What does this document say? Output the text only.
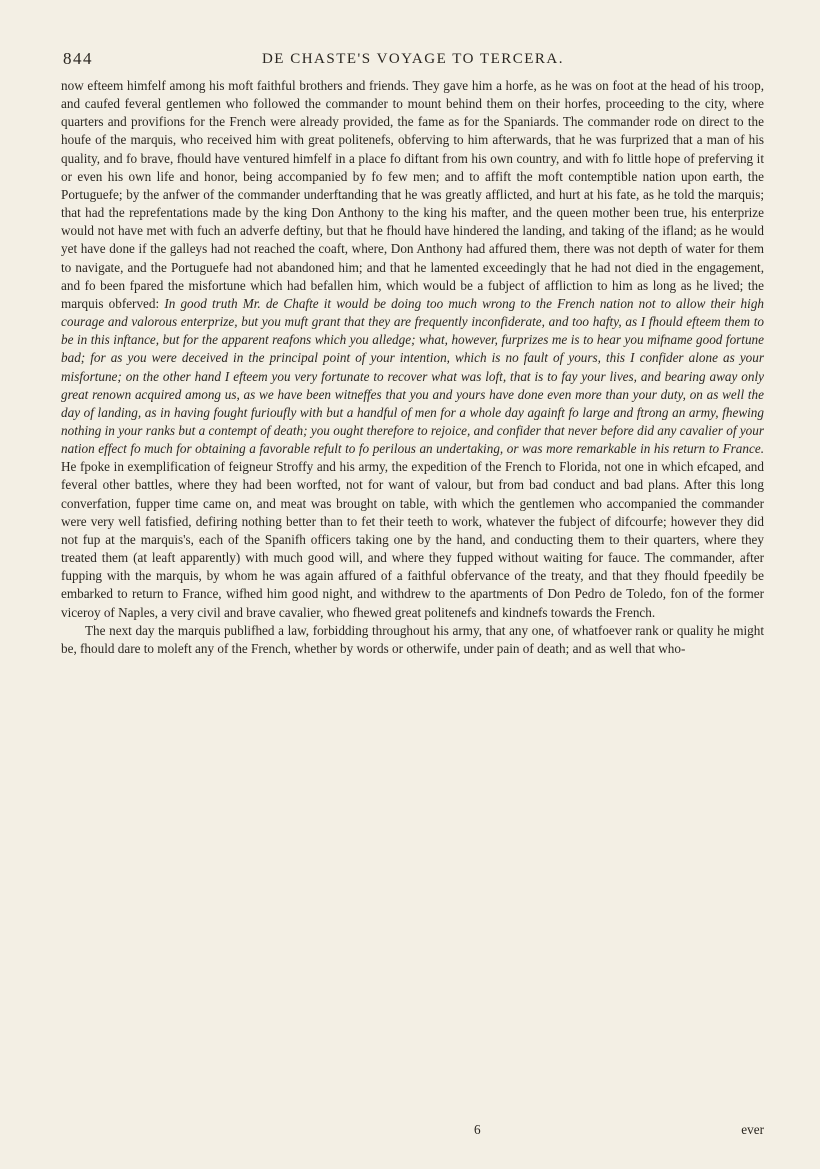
844	DE CHASTE'S VOYAGE TO TERCERA.

now efteem himfelf among his moft faithful brothers and friends. They gave him a horfe, as he was on foot at the head of his troop, and caufed feveral gentlemen who followed the commander to mount behind them on their horfes, proceeding to the city, where quarters and provifions for the French were already provided, the fame as for the Spaniards. The commander rode on direct to the houfe of the marquis, who received him with great politenefs, obferving to him afterwards, that he was furprized that a man of his quality, and fo brave, fhould have ventured himfelf in a place fo diftant from his own country, and with fo little hope of preferving it or even his own life and honor, being accompanied by fo few men; and to affift the moft contemptible nation upon earth, the Portuguefe; by the anfwer of the commander underftanding that he was greatly afflicted, and hurt at his fate, as he told the marquis; that had the reprefentations made by the king Don Anthony to the king his mafter, and the queen mother been true, his enterprize would not have met with fuch an adverfe deftiny, but that he fhould have hindered the landing, and taking of the ifland; as he would yet have done if the galleys had not reached the coaft, where, Don Anthony had affured them, there was not depth of water for them to navigate, and the Portuguefe had not abandoned him; and that he lamented exceedingly that he had not died in the engagement, and fo been fpared the misfortune which had befallen him, which would be a fubject of affliction to him as long as he lived; the marquis obferved: In good truth Mr. de Chafte it would be doing too much wrong to the French nation not to allow their high courage and valorous enterprize, but you muft grant that they are frequently inconfiderate, and too hafty, as I fhould efteem them to be in this inftance, but for the apparent reafons which you alledge; what, however, furprizes me is to hear you mifname good fortune bad; for as you were deceived in the principal point of your intention, which is no fault of yours, this I confider alone as your misfortune; on the other hand I efteem you very fortunate to recover what was loft, that is to fay your lives, and bearing away only great renown acquired among us, as we have been witneffes that you and yours have done even more than your duty, on as well the day of landing, as in having fought furioufly with but a handful of men for a whole day againft fo large and ftrong an army, fhewing nothing in your ranks but a contempt of death; you ought therefore to rejoice, and confider that never before did any cavalier of your nation effect fo much for obtaining a favorable refult to fo perilous an undertaking, or was more remarkable in his return to France. He fpoke in exemplification of feigneur Stroffy and his army, the expedition of the French to Florida, not one in which efcaped, and feveral other battles, where they had been worfted, not for want of valour, but from bad conduct and bad plans. After this long converfation, fupper time came on, and meat was brought on table, with which the gentlemen who accompanied the commander were very well fatisfied, defiring nothing better than to fet their teeth to work, whatever the fubject of difcourfe; however they did not fup at the marquis's, each of the Spanifh officers taking one by the hand, and conducting them to their quarters, where they treated them (at leaft apparently) with much good will, and where they fupped without waiting for fauce. The commander, after fupping with the marquis, by whom he was again affured of a faithful obfervance of the treaty, and that they fhould fpeedily be embarked to return to France, wifhed him good night, and withdrew to the apartments of Don Pedro de Toledo, fon of the former viceroy of Naples, a very civil and brave cavalier, who fhewed great politenefs and kindnefs towards the French.

The next day the marquis publifhed a law, forbidding throughout his army, that any one, of whatfoever rank or quality he might be, fhould dare to moleft any of the French, whether by words or otherwife, under pain of death; and as well that who-

6	ever
